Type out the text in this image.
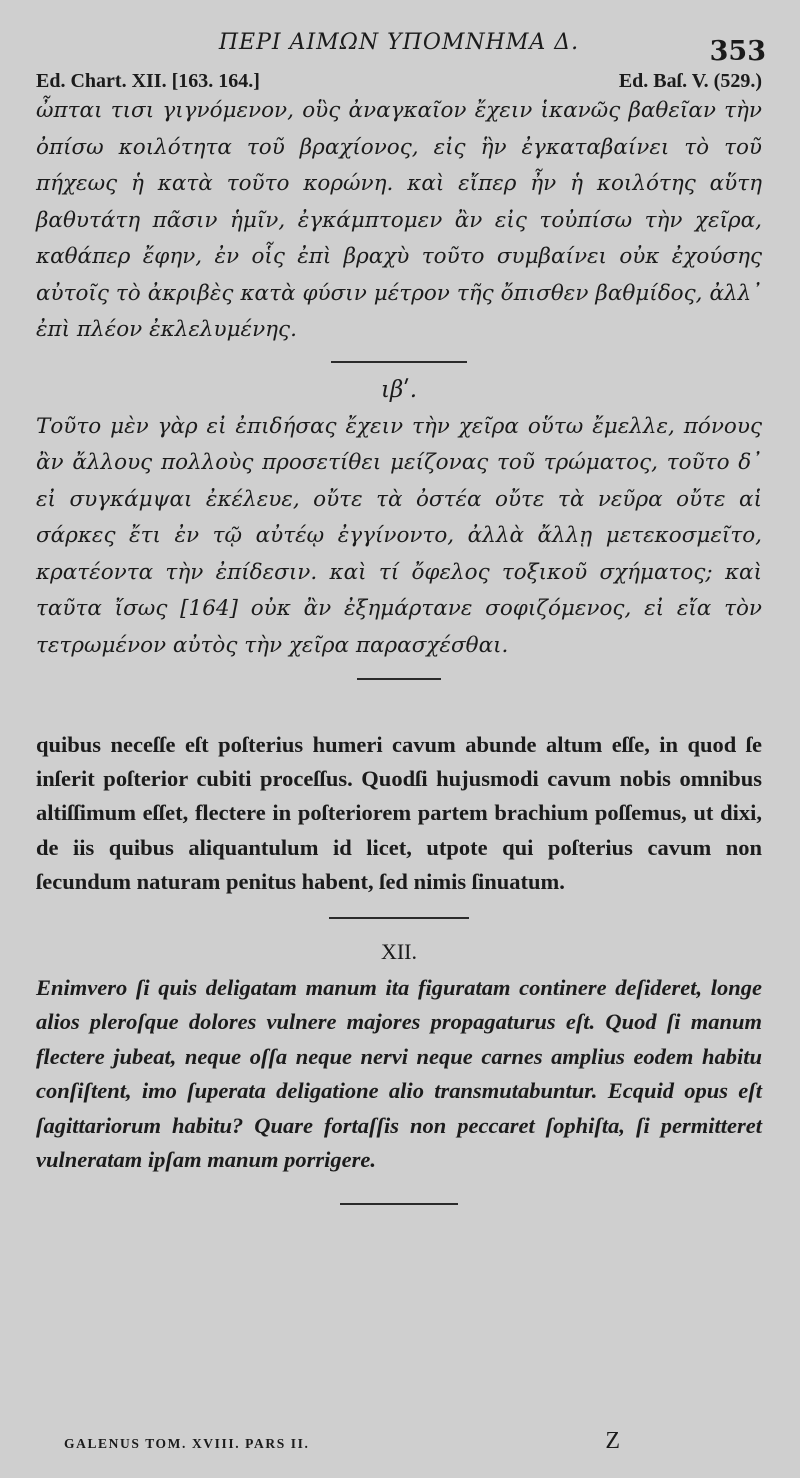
ΠΕΡΙ ΑΙΜΩΝ ΥΠΟΜΝΗΜΑ Δ.	353
Ed. Chart. XII. [163. 164.]	Ed. Baſ. V. (529.)

ὦπται τισι γιγνόμενον, οὓς ἀναγκαῖον ἔχειν ἱκανῶς βαθεῖαν τὴν ὀπίσω κοιλότητα τοῦ βραχίονος, εἰς ἣν ἐγκαταβαίνει τὸ τοῦ πήχεως ἡ κατὰ τοῦτο κορώνη. καὶ εἴπερ ἦν ἡ κοιλότης αὕτη βαθυτάτη πᾶσιν ἡμῖν, ἐγκάμπτομεν ἂν εἰς τοὐπίσω τὴν χεῖρα, καθάπερ ἔφην, ἐν οἷς ἐπὶ βραχὺ τοῦτο συμβαίνει οὐκ ἐχούσης αὐτοῖς τὸ ἀκριβὲς κατὰ φύσιν μέτρον τῆς ὄπισθεν βαθμίδος, ἀλλ᾽ ἐπὶ πλέον ἐκλελυμένης.

ιβʹ.

Τοῦτο μὲν γὰρ εἰ ἐπιδήσας ἔχειν τὴν χεῖρα οὕτω ἔμελλε, πόνους ἂν ἄλλους πολλοὺς προσετίθει μείζονας τοῦ τρώματος, τοῦτο δ᾽ εἰ συγκάμψαι ἐκέλευε, οὔτε τὰ ὀστέα οὔτε τὰ νεῦρα οὔτε αἱ σάρκες ἔτι ἐν τῷ αὐτέῳ ἐγγίνοντο, ἀλλὰ ἄλλῃ μετεκοσμεῖτο, κρατέοντα τὴν ἐπίδεσιν. καὶ τί ὄφελος τοξικοῦ σχήματος; καὶ ταῦτα ἴσως [164] οὐκ ἂν ἐξημάρτανε σοφιζόμενος, εἰ εἴα τὸν τετρωμένον αὐτὸς τὴν χεῖρα παρασχέσθαι.

quibus neceſſe eſt poſterius humeri cavum abunde altum eſſe, in quod ſe inſerit poſterior cubiti proceſſus. Quodſi hujusmodi cavum nobis omnibus altiſſimum eſſet, flectere in poſteriorem partem brachium poſſemus, ut dixi, de iis quibus aliquantulum id licet, utpote qui poſterius cavum non ſecundum naturam penitus habent, ſed nimis ſinuatum.

XII.

Enimvero ſi quis deligatam manum ita figuratam continere deſideret, longe alios pleroſque dolores vulnere majores propagaturus eſt. Quod ſi manum flectere jubeat, neque oſſa neque nervi neque carnes amplius eodem habitu conſiſtent, imo ſuperata deligatione alio transmutabuntur. Ecquid opus eſt ſagittariorum habitu? Quare fortaſſis non peccaret ſophiſta, ſi permitteret vulneratam ipſam manum porrigere.

GALENUS TOM. XVIII. PARS II.	Z
